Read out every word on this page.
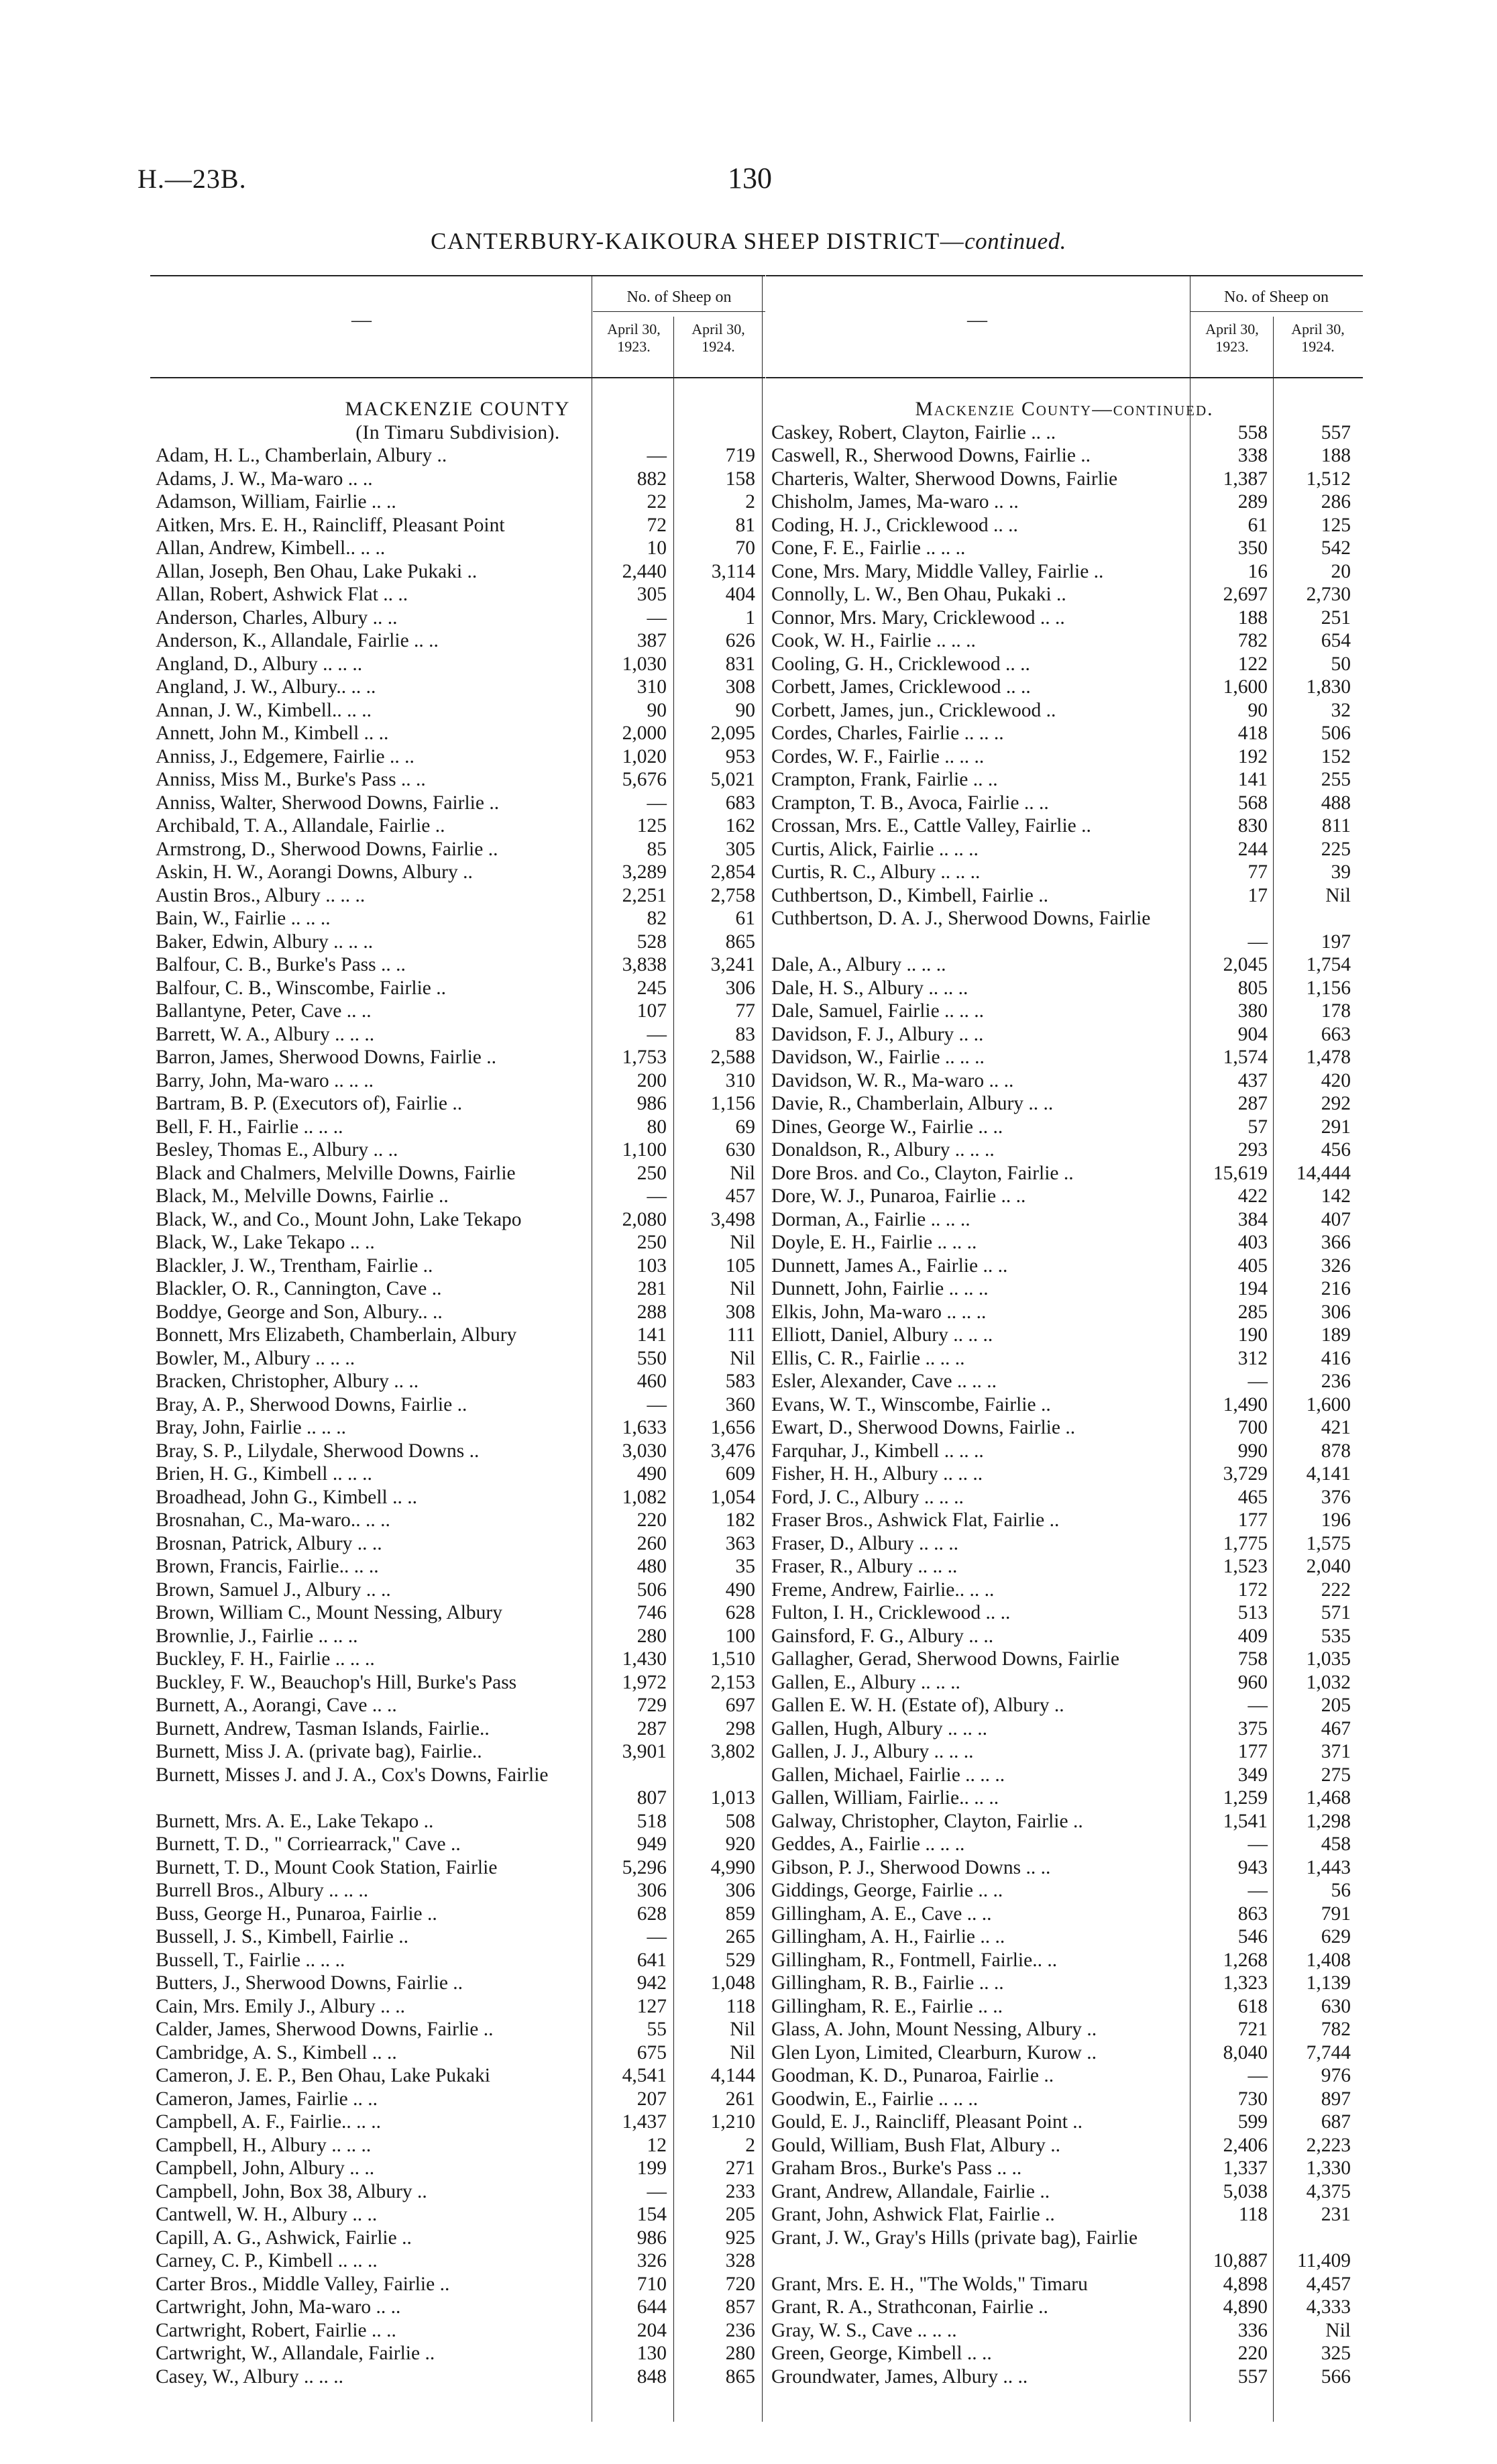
H.—23B.	130
CANTERBURY-KAIKOURA SHEEP DISTRICT—continued.
—
No. of Sheep on
April 30, 1923.
April 30, 1924.
MACKENZIE COUNTY
(In Timaru Subdivision).
Adam, H. L., Chamberlain, Albury ..	—	719
Adams, J. W., Ma-waro .. ..	882	158
Adamson, William, Fairlie .. ..	22	2
Aitken, Mrs. E. H., Raincliff, Pleasant Point	72	81
Allan, Andrew, Kimbell.. .. ..	10	70
Allan, Joseph, Ben Ohau, Lake Pukaki ..	2,440	3,114
Allan, Robert, Ashwick Flat .. ..	305	404
Anderson, Charles, Albury .. ..	—	1
Anderson, K., Allandale, Fairlie .. ..	387	626
Angland, D., Albury .. .. ..	1,030	831
Angland, J. W., Albury.. .. ..	310	308
Annan, J. W., Kimbell.. .. ..	90	90
Annett, John M., Kimbell .. ..	2,000	2,095
Anniss, J., Edgemere, Fairlie .. ..	1,020	953
Anniss, Miss M., Burke's Pass .. ..	5,676	5,021
Anniss, Walter, Sherwood Downs, Fairlie ..	—	683
Archibald, T. A., Allandale, Fairlie ..	125	162
Armstrong, D., Sherwood Downs, Fairlie ..	85	305
Askin, H. W., Aorangi Downs, Albury ..	3,289	2,854
Austin Bros., Albury .. .. ..	2,251	2,758
Bain, W., Fairlie .. .. ..	82	61
Baker, Edwin, Albury .. .. ..	528	865
Balfour, C. B., Burke's Pass .. ..	3,838	3,241
Balfour, C. B., Winscombe, Fairlie ..	245	306
Ballantyne, Peter, Cave .. ..	107	77
Barrett, W. A., Albury .. .. ..	—	83
Barron, James, Sherwood Downs, Fairlie ..	1,753	2,588
Barry, John, Ma-waro .. .. ..	200	310
Bartram, B. P. (Executors of), Fairlie ..	986	1,156
Bell, F. H., Fairlie .. .. ..	80	69
Besley, Thomas E., Albury .. ..	1,100	630
Black and Chalmers, Melville Downs, Fairlie	250	Nil
Black, M., Melville Downs, Fairlie ..	—	457
Black, W., and Co., Mount John, Lake Tekapo	2,080	3,498
Black, W., Lake Tekapo .. ..	250	Nil
Blackler, J. W., Trentham, Fairlie ..	103	105
Blackler, O. R., Cannington, Cave ..	281	Nil
Boddye, George and Son, Albury.. ..	288	308
Bonnett, Mrs Elizabeth, Chamberlain, Albury	141	111
Bowler, M., Albury .. .. ..	550	Nil
Bracken, Christopher, Albury .. ..	460	583
Bray, A. P., Sherwood Downs, Fairlie ..	—	360
Bray, John, Fairlie .. .. ..	1,633	1,656
Bray, S. P., Lilydale, Sherwood Downs ..	3,030	3,476
Brien, H. G., Kimbell .. .. ..	490	609
Broadhead, John G., Kimbell .. ..	1,082	1,054
Brosnahan, C., Ma-waro.. .. ..	220	182
Brosnan, Patrick, Albury .. ..	260	363
Brown, Francis, Fairlie.. .. ..	480	35
Brown, Samuel J., Albury .. ..	506	490
Brown, William C., Mount Nessing, Albury	746	628
Brownlie, J., Fairlie .. .. ..	280	100
Buckley, F. H., Fairlie .. .. ..	1,430	1,510
Buckley, F. W., Beauchop's Hill, Burke's Pass	1,972	2,153
Burnett, A., Aorangi, Cave .. ..	729	697
Burnett, Andrew, Tasman Islands, Fairlie..	287	298
Burnett, Miss J. A. (private bag), Fairlie..	3,901	3,802
Burnett, Misses J. and J. A., Cox's Downs, Fairlie
807	1,013
Burnett, Mrs. A. E., Lake Tekapo ..	518	508
Burnett, T. D., " Corriearrack," Cave ..	949	920
Burnett, T. D., Mount Cook Station, Fairlie	5,296	4,990
Burrell Bros., Albury .. .. ..	306	306
Buss, George H., Punaroa, Fairlie ..	628	859
Bussell, J. S., Kimbell, Fairlie ..	—	265
Bussell, T., Fairlie .. .. ..	641	529
Butters, J., Sherwood Downs, Fairlie ..	942	1,048
Cain, Mrs. Emily J., Albury .. ..	127	118
Calder, James, Sherwood Downs, Fairlie ..	55	Nil
Cambridge, A. S., Kimbell .. ..	675	Nil
Cameron, J. E. P., Ben Ohau, Lake Pukaki	4,541	4,144
Cameron, James, Fairlie .. ..	207	261
Campbell, A. F., Fairlie.. .. ..	1,437	1,210
Campbell, H., Albury .. .. ..	12	2
Campbell, John, Albury .. ..	199	271
Campbell, John, Box 38, Albury ..	—	233
Cantwell, W. H., Albury .. ..	154	205
Capill, A. G., Ashwick, Fairlie ..	986	925
Carney, C. P., Kimbell .. .. ..	326	328
Carter Bros., Middle Valley, Fairlie ..	710	720
Cartwright, John, Ma-waro .. ..	644	857
Cartwright, Robert, Fairlie .. ..	204	236
Cartwright, W., Allandale, Fairlie ..	130	280
Casey, W., Albury .. .. ..	848	865
—
No. of Sheep on
April 30, 1923.
April 30, 1924.
Mackenzie County—continued.
Caskey, Robert, Clayton, Fairlie .. ..	558	557
Caswell, R., Sherwood Downs, Fairlie ..	338	188
Charteris, Walter, Sherwood Downs, Fairlie	1,387	1,512
Chisholm, James, Ma-waro .. ..	289	286
Coding, H. J., Cricklewood .. ..	61	125
Cone, F. E., Fairlie .. .. ..	350	542
Cone, Mrs. Mary, Middle Valley, Fairlie ..	16	20
Connolly, L. W., Ben Ohau, Pukaki ..	2,697	2,730
Connor, Mrs. Mary, Cricklewood .. ..	188	251
Cook, W. H., Fairlie .. .. ..	782	654
Cooling, G. H., Cricklewood .. ..	122	50
Corbett, James, Cricklewood .. ..	1,600	1,830
Corbett, James, jun., Cricklewood ..	90	32
Cordes, Charles, Fairlie .. .. ..	418	506
Cordes, W. F., Fairlie .. .. ..	192	152
Crampton, Frank, Fairlie .. ..	141	255
Crampton, T. B., Avoca, Fairlie .. ..	568	488
Crossan, Mrs. E., Cattle Valley, Fairlie ..	830	811
Curtis, Alick, Fairlie .. .. ..	244	225
Curtis, R. C., Albury .. .. ..	77	39
Cuthbertson, D., Kimbell, Fairlie ..	17	Nil
Cuthbertson, D. A. J., Sherwood Downs, Fairlie
—	197
Dale, A., Albury .. .. ..	2,045	1,754
Dale, H. S., Albury .. .. ..	805	1,156
Dale, Samuel, Fairlie .. .. ..	380	178
Davidson, F. J., Albury .. ..	904	663
Davidson, W., Fairlie .. .. ..	1,574	1,478
Davidson, W. R., Ma-waro .. ..	437	420
Davie, R., Chamberlain, Albury .. ..	287	292
Dines, George W., Fairlie .. ..	57	291
Donaldson, R., Albury .. .. ..	293	456
Dore Bros. and Co., Clayton, Fairlie ..	15,619	14,444
Dore, W. J., Punaroa, Fairlie .. ..	422	142
Dorman, A., Fairlie .. .. ..	384	407
Doyle, E. H., Fairlie .. .. ..	403	366
Dunnett, James A., Fairlie .. ..	405	326
Dunnett, John, Fairlie .. .. ..	194	216
Elkis, John, Ma-waro .. .. ..	285	306
Elliott, Daniel, Albury .. .. ..	190	189
Ellis, C. R., Fairlie .. .. ..	312	416
Esler, Alexander, Cave .. .. ..	—	236
Evans, W. T., Winscombe, Fairlie ..	1,490	1,600
Ewart, D., Sherwood Downs, Fairlie ..	700	421
Farquhar, J., Kimbell .. .. ..	990	878
Fisher, H. H., Albury .. .. ..	3,729	4,141
Ford, J. C., Albury .. .. ..	465	376
Fraser Bros., Ashwick Flat, Fairlie ..	177	196
Fraser, D., Albury .. .. ..	1,775	1,575
Fraser, R., Albury .. .. ..	1,523	2,040
Freme, Andrew, Fairlie.. .. ..	172	222
Fulton, I. H., Cricklewood .. ..	513	571
Gainsford, F. G., Albury .. ..	409	535
Gallagher, Gerad, Sherwood Downs, Fairlie	758	1,035
Gallen, E., Albury .. .. ..	960	1,032
Gallen E. W. H. (Estate of), Albury ..	—	205
Gallen, Hugh, Albury .. .. ..	375	467
Gallen, J. J., Albury .. .. ..	177	371
Gallen, Michael, Fairlie .. .. ..	349	275
Gallen, William, Fairlie.. .. ..	1,259	1,468
Galway, Christopher, Clayton, Fairlie ..	1,541	1,298
Geddes, A., Fairlie .. .. ..	—	458
Gibson, P. J., Sherwood Downs .. ..	943	1,443
Giddings, George, Fairlie .. ..	—	56
Gillingham, A. E., Cave .. ..	863	791
Gillingham, A. H., Fairlie .. ..	546	629
Gillingham, R., Fontmell, Fairlie.. ..	1,268	1,408
Gillingham, R. B., Fairlie .. ..	1,323	1,139
Gillingham, R. E., Fairlie .. ..	618	630
Glass, A. John, Mount Nessing, Albury ..	721	782
Glen Lyon, Limited, Clearburn, Kurow ..	8,040	7,744
Goodman, K. D., Punaroa, Fairlie ..	—	976
Goodwin, E., Fairlie .. .. ..	730	897
Gould, E. J., Raincliff, Pleasant Point ..	599	687
Gould, William, Bush Flat, Albury ..	2,406	2,223
Graham Bros., Burke's Pass .. ..	1,337	1,330
Grant, Andrew, Allandale, Fairlie ..	5,038	4,375
Grant, John, Ashwick Flat, Fairlie ..	118	231
Grant, J. W., Gray's Hills (private bag), Fairlie
10,887	11,409
Grant, Mrs. E. H., "The Wolds," Timaru	4,898	4,457
Grant, R. A., Strathconan, Fairlie ..	4,890	4,333
Gray, W. S., Cave .. .. ..	336	Nil
Green, George, Kimbell .. ..	220	325
Groundwater, James, Albury .. ..	557	566
